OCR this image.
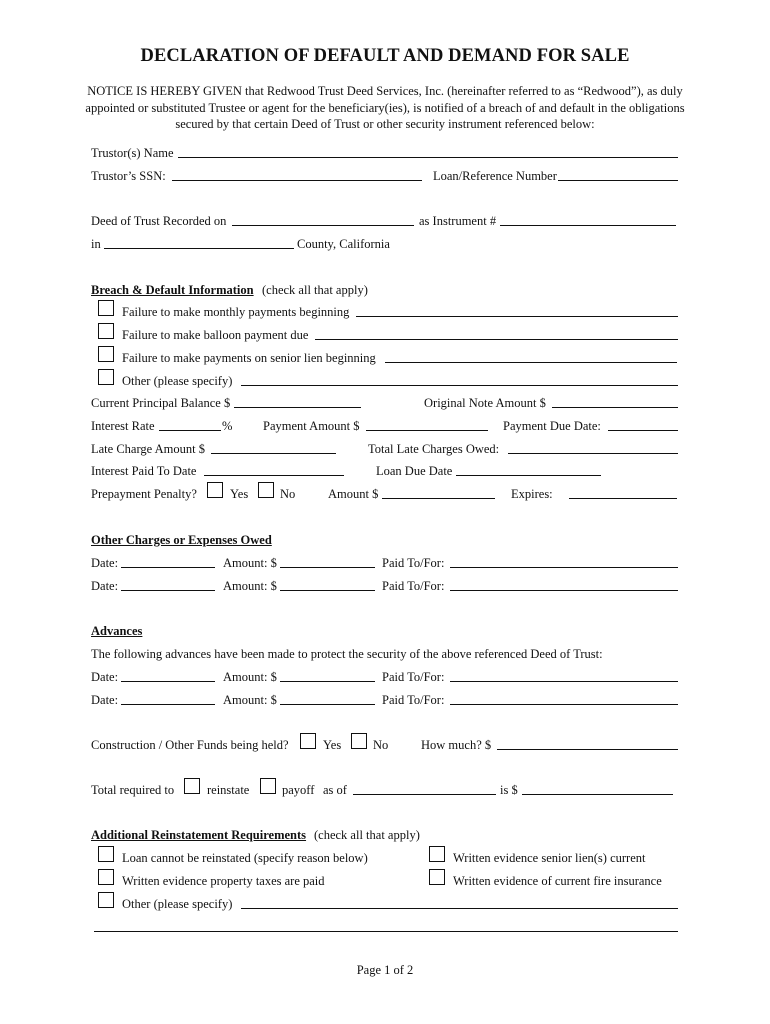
DECLARATION OF DEFAULT AND DEMAND FOR SALE
NOTICE IS HEREBY GIVEN that Redwood Trust Deed Services, Inc. (hereinafter referred to as “Redwood”), as duly appointed or substituted Trustee or agent for the beneficiary(ies), is notified of a breach of and default in the obligations secured by that certain Deed of Trust or other security instrument referenced below:
Trustor(s) Name
Trustor’s SSN:	Loan/Reference Number
Deed of Trust Recorded on	as Instrument #
in	County, California
Breach & Default Information (check all that apply)
Failure to make monthly payments beginning
Failure to make balloon payment due
Failure to make payments on senior lien beginning
Other (please specify)
Current Principal Balance $	Original Note Amount $
Interest Rate	% Payment Amount $	Payment Due Date:
Late Charge Amount $	Total Late Charges Owed:
Interest Paid To Date	Loan Due Date
Prepayment Penalty?	Yes	No	Amount $	Expires:
Other Charges or Expenses Owed
Date:	Amount: $	Paid To/For:
Date:	Amount: $	Paid To/For:
Advances
The following advances have been made to protect the security of the above referenced Deed of Trust:
Date:	Amount: $	Paid To/For:
Date:	Amount: $	Paid To/For:
Construction / Other Funds being held?	Yes	No	How much? $
Total required to	reinstate	payoff as of	is $
Additional Reinstatement Requirements (check all that apply)
Loan cannot be reinstated (specify reason below)	Written evidence senior lien(s) current
Written evidence property taxes are paid	Written evidence of current fire insurance
Other (please specify)
Page 1 of 2
